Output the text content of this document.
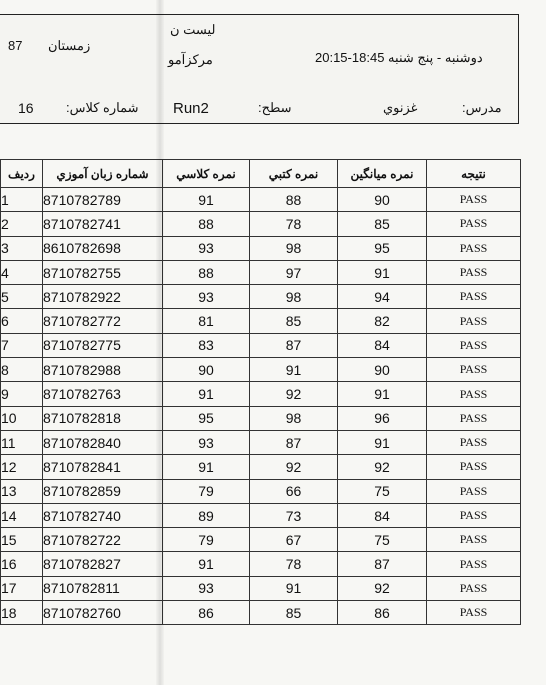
87 زمستان
لیست ن
مرکزآمو	دوشنبه - پنج شنبه 18:45-20:15
16 شماره کلاس: Run2	سطح:	غزنوي	مدرس:
رديف	شماره زبان آموزي	نمره کلاسي	نمره کتبي	نمره ميانگين	نتيجه
1	8710782789	91	88	90	PASS
2	8710782741	88	78	85	PASS
3	8610782698	93	98	95	PASS
4	8710782755	88	97	91	PASS
5	8710782922	93	98	94	PASS
6	8710782772	81	85	82	PASS
7	8710782775	83	87	84	PASS
8	8710782988	90	91	90	PASS
9	8710782763	91	92	91	PASS
10	8710782818	95	98	96	PASS
11	8710782840	93	87	91	PASS
12	8710782841	91	92	92	PASS
13	8710782859	79	66	75	PASS
14	8710782740	89	73	84	PASS
15	8710782722	79	67	75	PASS
16	8710782827	91	78	87	PASS
17	8710782811	93	91	92	PASS
18	8710782760	86	85	86	PASS
